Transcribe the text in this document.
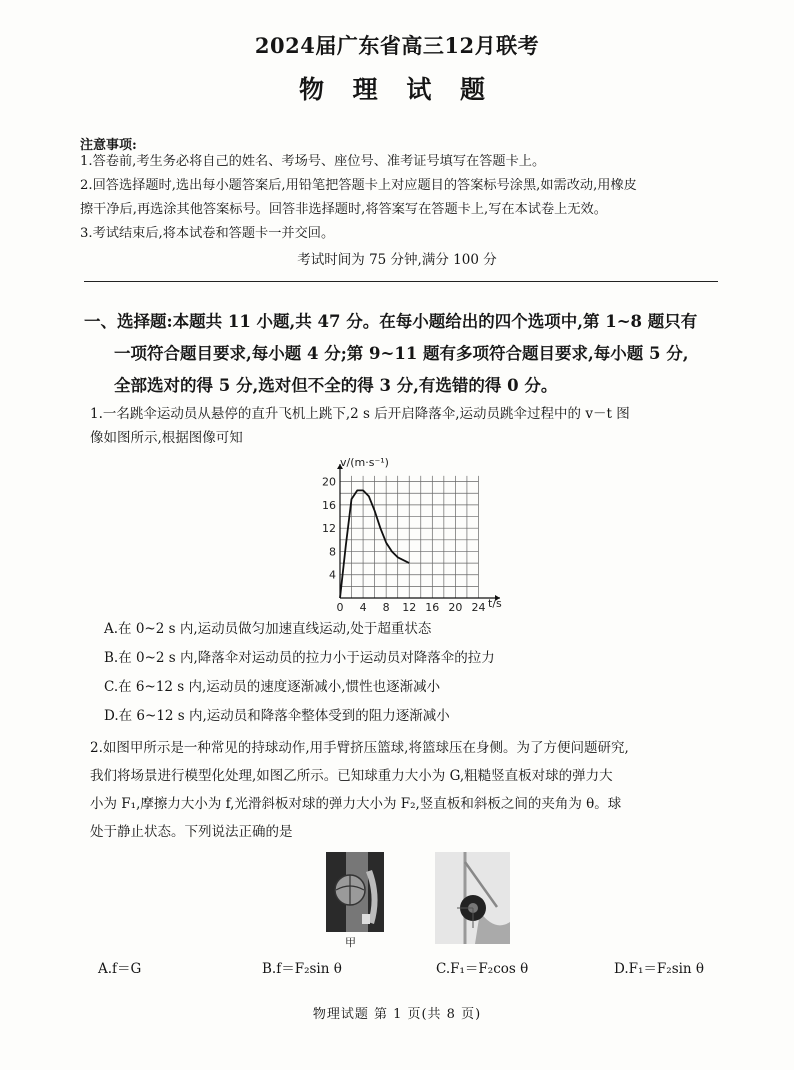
2024届广东省高三12月联考
物 理 试 题
注意事项:
1.答卷前,考生务必将自己的姓名、考场号、座位号、准考证号填写在答题卡上。
2.回答选择题时,选出每小题答案后,用铅笔把答题卡上对应题目的答案标号涂黑,如需改动,用橡皮
擦干净后,再选涂其他答案标号。回答非选择题时,将答案写在答题卡上,写在本试卷上无效。
3.考试结束后,将本试卷和答题卡一并交回。
考试时间为 75 分钟,满分 100 分
一、选择题:本题共 11 小题,共 47 分。在每小题给出的四个选项中,第 1~8 题只有
一项符合题目要求,每小题 4 分;第 9~11 题有多项符合题目要求,每小题 5 分,
全部选对的得 5 分,选对但不全的得 3 分,有选错的得 0 分。
1.一名跳伞运动员从悬停的直升飞机上跳下,2 s 后开启降落伞,运动员跳伞过程中的 v－t 图
像如图所示,根据图像可知
v/(m·s⁻¹)
t/s
0 4 8 12 16 20 24
4
8
12
16
20
A.在 0~2 s 内,运动员做匀加速直线运动,处于超重状态
B.在 0~2 s 内,降落伞对运动员的拉力小于运动员对降落伞的拉力
C.在 6~12 s 内,运动员的速度逐渐减小,惯性也逐渐减小
D.在 6~12 s 内,运动员和降落伞整体受到的阻力逐渐减小
2.如图甲所示是一种常见的持球动作,用手臂挤压篮球,将篮球压在身侧。为了方便问题研究,
我们将场景进行模型化处理,如图乙所示。已知球重力大小为 G,粗糙竖直板对球的弹力大
小为 F₁,摩擦力大小为 f,光滑斜板对球的弹力大小为 F₂,竖直板和斜板之间的夹角为 θ。球
处于静止状态。下列说法正确的是
甲
A.f＝G	B.f＝F₂sin θ	C.F₁＝F₂cos θ	D.F₁＝F₂sin θ
物理试题 第 1 页(共 8 页)
